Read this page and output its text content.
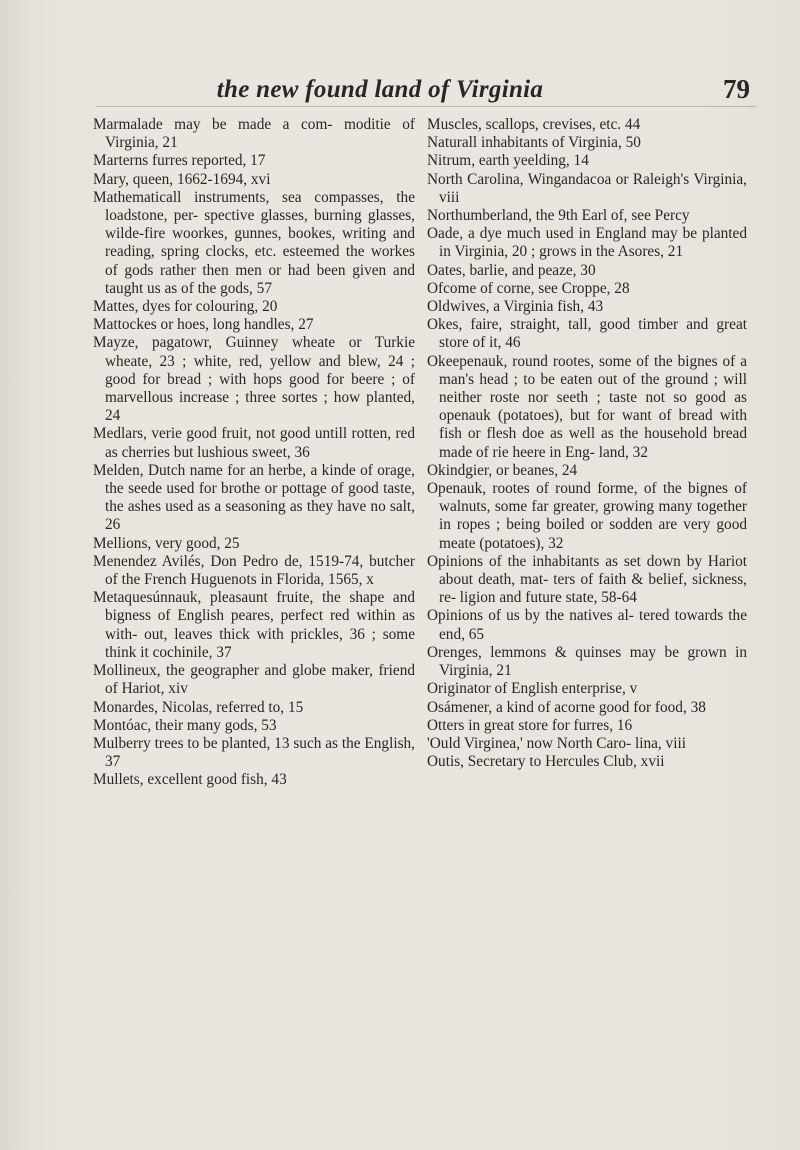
the new found land of Virginia	79

Marmalade may be made a com- moditie of Virginia, 21

Marterns furres reported, 17

Mary, queen, 1662-1694, xvi

Mathematicall instruments, sea compasses, the loadstone, per- spective glasses, burning glasses, wilde-fire woorkes, gunnes, bookes, writing and reading, spring clocks, etc. esteemed the workes of gods rather then men or had been given and taught us as of the gods, 57

Mattes, dyes for colouring, 20

Mattockes or hoes, long handles, 27

Mayze, pagatowr, Guinney wheate or Turkie wheate, 23 ; white, red, yellow and blew, 24 ; good for bread ; with hops good for beere ; of marvellous increase ; three sortes ; how planted, 24

Medlars, verie good fruit, not good untill rotten, red as cherries but lushious sweet, 36

Melden, Dutch name for an herbe, a kinde of orage, the seede used for brothe or pottage of good taste, the ashes used as a seasoning as they have no salt, 26

Mellions, very good, 25

Menendez Avilés, Don Pedro de, 1519-74, butcher of the French Huguenots in Florida, 1565, x

Metaquesúnnauk, pleasaunt fruite, the shape and bigness of English peares, perfect red within as with- out, leaves thick with prickles, 36 ; some think it cochinile, 37

Mollineux, the geographer and globe maker, friend of Hariot, xiv

Monardes, Nicolas, referred to, 15

Montóac, their many gods, 53

Mulberry trees to be planted, 13 such as the English, 37

Mullets, excellent good fish, 43

Muscles, scallops, crevises, etc. 44

Naturall inhabitants of Virginia, 50

Nitrum, earth yeelding, 14

North Carolina, Wingandacoa or Raleigh's Virginia, viii

Northumberland, the 9th Earl of, see Percy

Oade, a dye much used in England may be planted in Virginia, 20 ; grows in the Asores, 21

Oates, barlie, and peaze, 30

Ofcome of corne, see Croppe, 28

Oldwives, a Virginia fish, 43

Okes, faire, straight, tall, good timber and great store of it, 46

Okeepenauk, round rootes, some of the bignes of a man's head ; to be eaten out of the ground ; will neither roste nor seeth ; taste not so good as openauk (potatoes), but for want of bread with fish or flesh doe as well as the household bread made of rie heere in Eng- land, 32

Okindgier, or beanes, 24

Openauk, rootes of round forme, of the bignes of walnuts, some far greater, growing many together in ropes ; being boiled or sodden are very good meate (potatoes), 32

Opinions of the inhabitants as set down by Hariot about death, mat- ters of faith & belief, sickness, re- ligion and future state, 58-64

Opinions of us by the natives al- tered towards the end, 65

Orenges, lemmons & quinses may be grown in Virginia, 21

Originator of English enterprise, v

Osámener, a kind of acorne good for food, 38

Otters in great store for furres, 16

'Ould Virginea,' now North Caro- lina, viii

Outis, Secretary to Hercules Club, xvii
